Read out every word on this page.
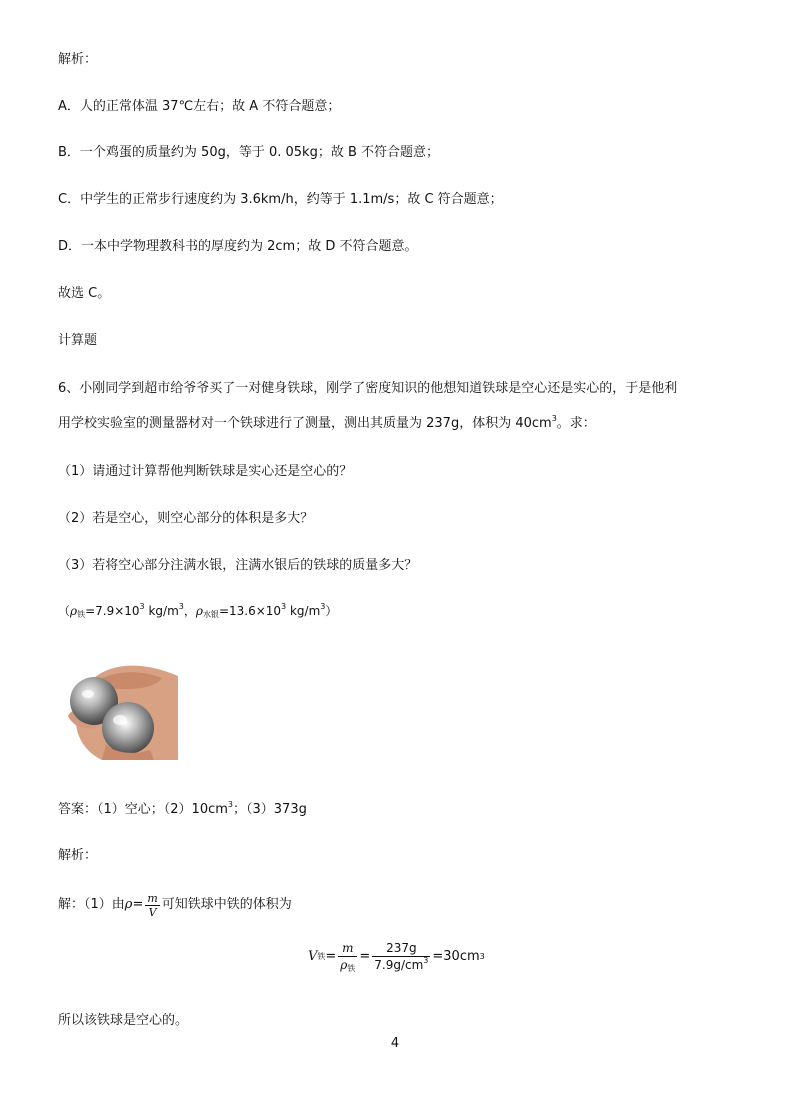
解析：
A．人的正常体温 37℃左右；故 A 不符合题意；
B．一个鸡蛋的质量约为 50g，等于 0. 05kg；故 B 不符合题意；
C．中学生的正常步行速度约为 3.6km/h，约等于 1.1m/s；故 C 符合题意；
D．一本中学物理教科书的厚度约为 2cm；故 D 不符合题意。
故选 C。
计算题
6、小刚同学到超市给爷爷买了一对健身铁球，刚学了密度知识的他想知道铁球是空心还是实心的，于是他利
用学校实验室的测量器材对一个铁球进行了测量，测出其质量为 237g，体积为 $40cm^3$。求：
（1）请通过计算帮他判断铁球是实心还是空心的？
（2）若是空心，则空心部分的体积是多大？
（3）若将空心部分注满水银，注满水银后的铁球的质量多大？
（$\rho_铁=7.9\times 10^3$ $kg/m^3$，$\rho_{水银}=13.6\times 10^3$ $kg/m^3$）
答案：（1）空心；$(2)10cm^3$；（3）373g
解析：
解：（1）由 $\rho = \frac{m}{V}$ 可知铁球中铁的体积为
V 铁 = $\frac{m}{\rho_铁} = \frac{237g}{7.9g/cm^3} =30cm$ 3
所以该铁球是空心的。
4
